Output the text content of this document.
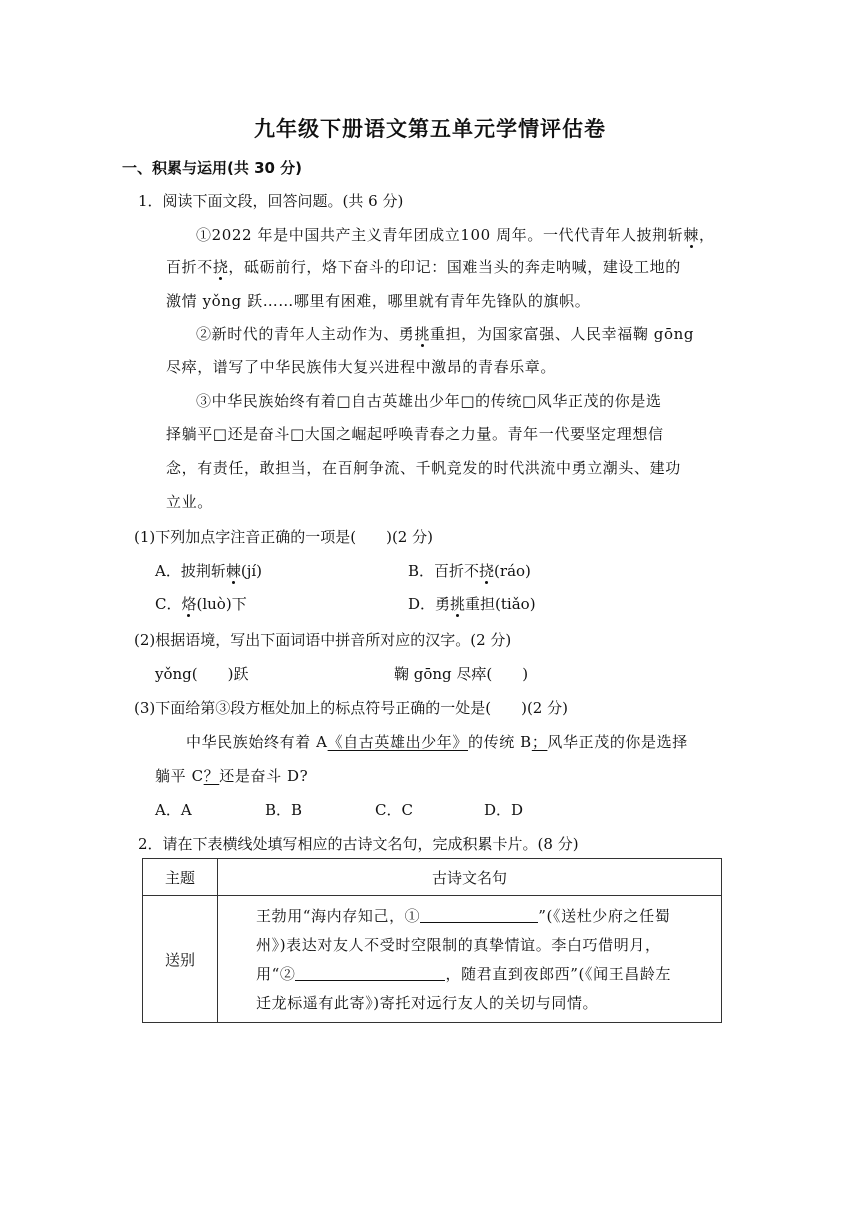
九年级下册语文第五单元学情评估卷
一、积累与运用(共 30 分)
1．阅读下面文段，回答问题。(共 6 分)
①2022 年是中国共产主义青年团成立100 周年。一代代青年人披荆斩棘，
百折不挠，砥砺前行，烙下奋斗的印记：国难当头的奔走呐喊，建设工地的
激情 yǒng 跃……哪里有困难，哪里就有青年先锋队的旗帜。
②新时代的青年人主动作为、勇挑重担，为国家富强、人民幸福鞠 gōng
尽瘁，谱写了中华民族伟大复兴进程中激昂的青春乐章。
③中华民族始终有着□自古英雄出少年□的传统□风华正茂的你是选
择躺平□还是奋斗□大国之崛起呼唤青春之力量。青年一代要坚定理想信
念，有责任，敢担当，在百舸争流、千帆竞发的时代洪流中勇立潮头、建功
立业。
(1)下列加点字注音正确的一项是(　　)(2 分)
A．披荆斩棘(jí)	B．百折不挠(ráo)
C．烙(luò)下	D．勇挑重担(tiǎo)
(2)根据语境，写出下面词语中拼音所对应的汉字。(2 分)
yǒng(　　)跃	鞠 gōng 尽瘁(　　)
(3)下面给第③段方框处加上的标点符号正确的一处是(　　)(2 分)
中华民族始终有着 A《自古英雄出少年》的传统 B；风华正茂的你是选择
躺平 C？还是奋斗 D?
A．A	B．B	C．C	D．D
2．请在下表横线处填写相应的古诗文名句，完成积累卡片。(8 分)
主题	古诗文名句
送别	王勃用“海内存知己，① ”(《送杜少府之任蜀
州》)表达对友人不受时空限制的真挚情谊。李白巧借明月，
用“② ，随君直到夜郎西”(《闻王昌龄左
迁龙标遥有此寄》)寄托对远行友人的关切与同情。
